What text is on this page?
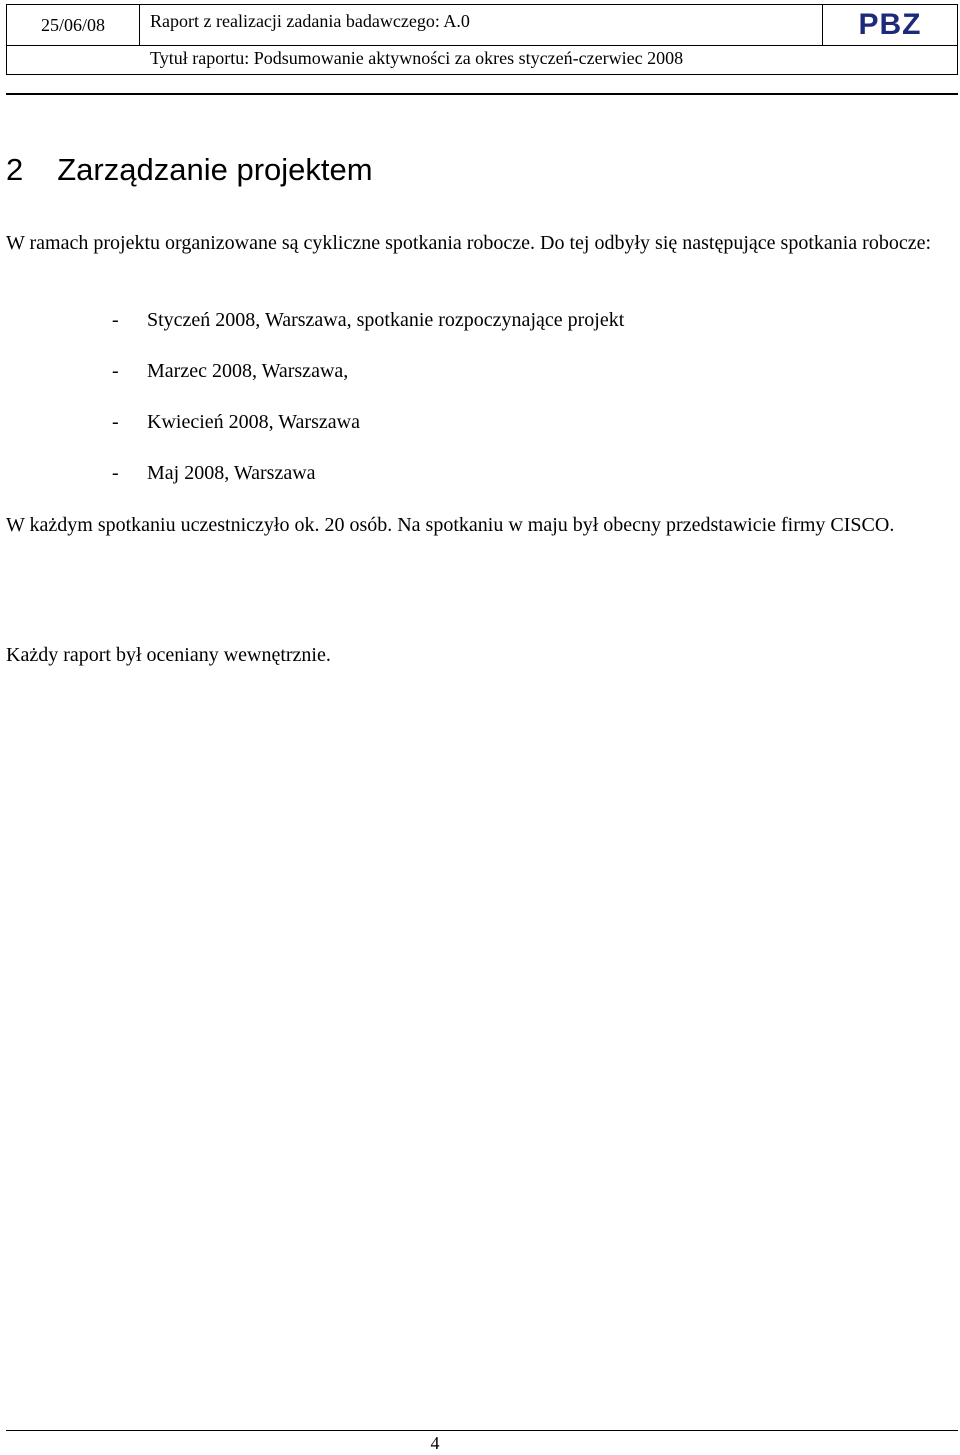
25/06/08	Raport z realizacji zadania badawczego: A.0
Tytuł raportu: Podsumowanie aktywności za okres styczeń-czerwiec 2008
PBZ
2 Zarządzanie projektem

W ramach projektu organizowane są cykliczne spotkania robocze. Do tej odbyły się następujące spotkania robocze:

-	Styczeń 2008, Warszawa, spotkanie rozpoczynające projekt
-	Marzec 2008, Warszawa,
-	Kwiecień 2008, Warszawa
-	Maj 2008, Warszawa

W każdym spotkaniu uczestniczyło ok. 20 osób. Na spotkaniu w maju był obecny przedstawicie firmy CISCO.

Każdy raport był oceniany wewnętrznie.

4
